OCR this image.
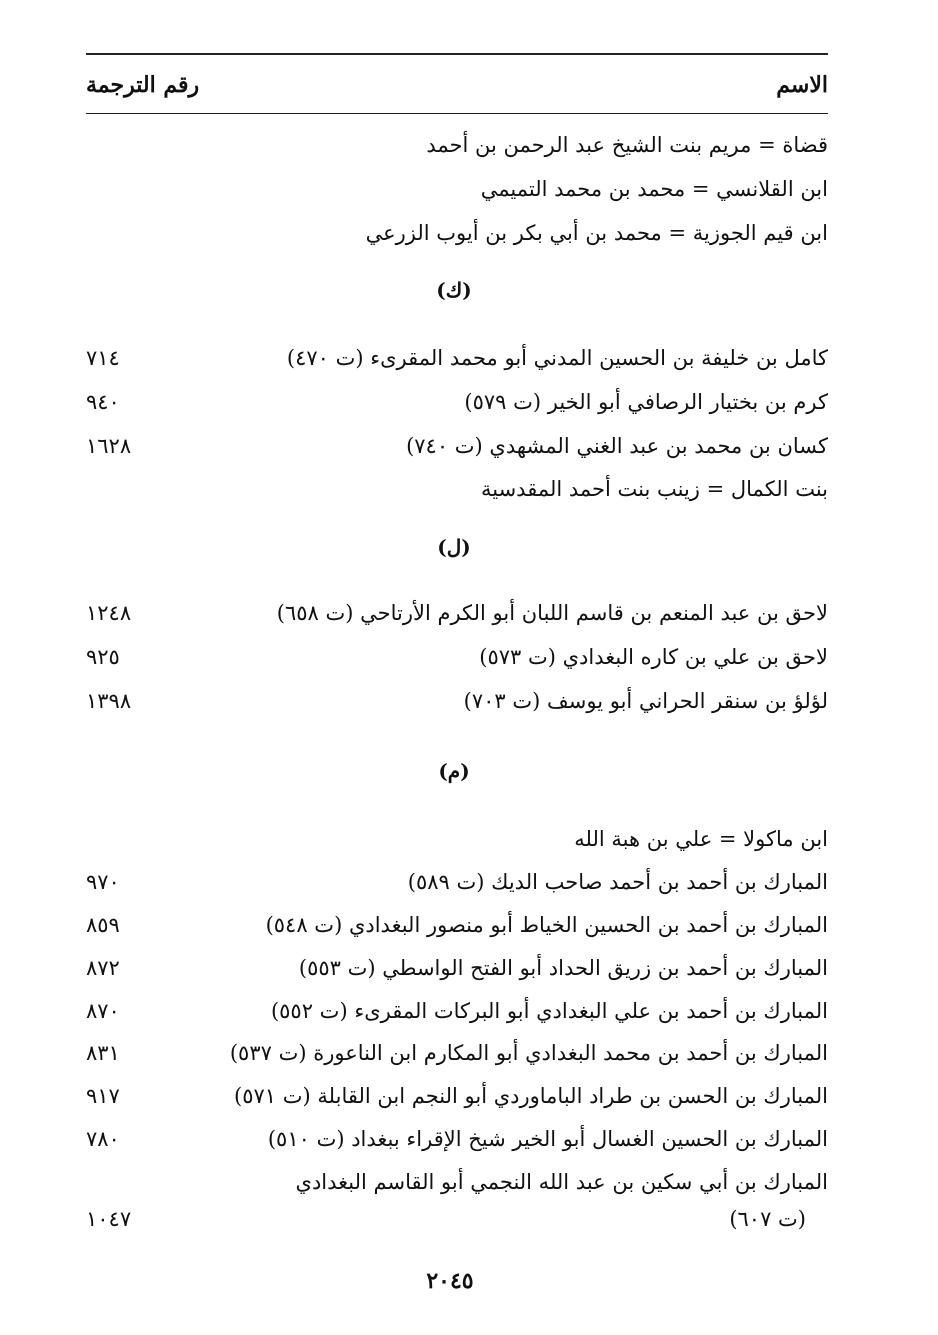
الاسم
رقم الترجمة
قضاة = مريم بنت الشيخ عبد الرحمن بن أحمد
ابن القلانسي = محمد بن محمد التميمي
ابن قيم الجوزية = محمد بن أبي بكر بن أيوب الزرعي
(ك)
كامل بن خليفة بن الحسين المدني أبو محمد المقرىء (ت ٤٧٠)
٧١٤
كرم بن بختيار الرصافي أبو الخير (ت ٥٧٩)
٩٤٠
كسان بن محمد بن عبد الغني المشهدي (ت ٧٤٠)
١٦٢٨
بنت الكمال = زينب بنت أحمد المقدسية
(ل)
لاحق بن عبد المنعم بن قاسم اللبان أبو الكرم الأرتاحي (ت ٦٥٨)
١٢٤٨
لاحق بن علي بن كاره البغدادي (ت ٥٧٣)
٩٢٥
لؤلؤ بن سنقر الحراني أبو يوسف (ت ٧٠٣)
١٣٩٨
(م)
ابن ماكولا = علي بن هبة الله
المبارك بن أحمد بن أحمد صاحب الديك (ت ٥٨٩)
٩٧٠
المبارك بن أحمد بن الحسين الخياط أبو منصور البغدادي (ت ٥٤٨)
٨٥٩
المبارك بن أحمد بن زريق الحداد أبو الفتح الواسطي (ت ٥٥٣)
٨٧٢
المبارك بن أحمد بن علي البغدادي أبو البركات المقرىء (ت ٥٥٢)
٨٧٠
المبارك بن أحمد بن محمد البغدادي أبو المكارم ابن الناعورة (ت ٥٣٧)
٨٣١
المبارك بن الحسن بن طراد الباماوردي أبو النجم ابن القابلة (ت ٥٧١)
٩١٧
المبارك بن الحسين الغسال أبو الخير شيخ الإقراء ببغداد (ت ٥١٠)
٧٨٠
المبارك بن أبي سكين بن عبد الله النجمي أبو القاسم البغدادي
(ت ٦٠٧)
١٠٤٧
٢٠٤٥
